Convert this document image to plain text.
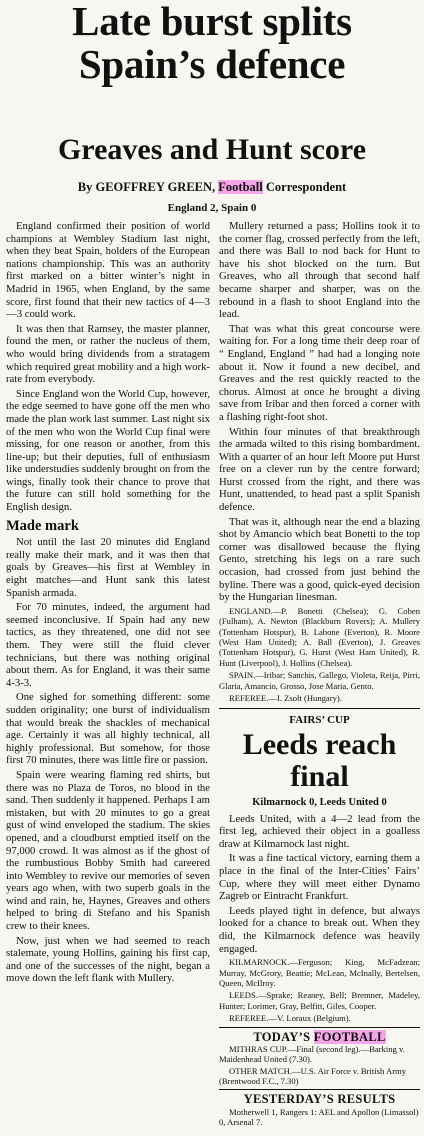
Late burst splits
Spain’s defence
Greaves and Hunt score
By GEOFFREY GREEN, Football Correspondent
England 2, Spain 0

England confirmed their position of world champions at Wembley Stadium last night, when they beat Spain, holders of the European nations championship. This was an authority first marked on a bitter winter’s night in Madrid in 1965, when England, by the same score, first found that their new tactics of 4—3—3 could work.

It was then that Ramsey, the master planner, found the men, or rather the nucleus of them, who would bring dividends from a stratagem which required great mobility and a high work-rate from everybody.

Since England won the World Cup, however, the edge seemed to have gone off the men who made the plan work last summer. Last night six of the men who won the World Cup final were missing, for one reason or another, from this line-up; but their deputies, full of enthusiasm like understudies suddenly brought on from the wings, finally took their chance to prove that the future can still hold something for the English design.

Made mark

Not until the last 20 minutes did England really make their mark, and it was then that goals by Greaves—his first at Wembley in eight matches—and Hunt sank this latest Spanish armada.

For 70 minutes, indeed, the argument had seemed inconclusive. If Spain had any new tactics, as they threatened, one did not see them. They were still the fluid clever technicians, but there was nothing original about them. As for England, it was their same 4-3-3.

One sighed for something different: some sudden originality; one burst of individualism that would break the shackles of mechanical age. Certainly it was all highly technical, all highly professional. But somehow, for those first 70 minutes, there was little fire or passion.

Spain were wearing flaming red shirts, but there was no Plaza de Toros, no blood in the sand. Then suddenly it happened. Perhaps I am mistaken, but with 20 minutes to go a great gust of wind enveloped the stadium. The skies opened, and a cloudburst emptied itself on the 97,000 crowd. It was almost as if the ghost of the rumbustious Bobby Smith had careered into Wembley to revive our memories of seven years ago when, with two superb goals in the wind and rain, he, Haynes, Greaves and others helped to bring di Stefano and his Spanish crew to their knees.

Now, just when we had seemed to reach stalemate, young Hollins, gaining his first cap, and one of the successes of the night, began a move down the left flank with Mullery.

Mullery returned a pass; Hollins took it to the corner flag, crossed perfectly from the left, and there was Ball to nod back for Hunt to have his shot blocked on the turn. But Greaves, who all through that second half became sharper and sharper, was on the rebound in a flash to shoot England into the lead.

That was what this great concourse were waiting for. For a long time their deep roar of “ England, England ” had had a longing note about it. Now it found a new decibel, and Greaves and the rest quickly reacted to the chorus. Almost at once he brought a diving save from Iribar and then forced a corner with a flashing right-foot shot.

Within four minutes of that breakthrough the armada wilted to this rising bombardment. With a quarter of an hour left Moore put Hurst free on a clever run by the centre forward; Hurst crossed from the right, and there was Hunt, unattended, to head past a split Spanish defence.

That was it, although near the end a blazing shot by Amancio which beat Bonetti to the top corner was disallowed because the flying Gento, stretching his legs on a rare such occasion, had crossed from just behind the byline. There was a good, quick-eyed decision by the Hungarian linesman.

ENGLAND.—P. Bonetti (Chelsea); G. Cohen (Fulham), A. Newton (Blackburn Rovers); A. Mullery (Tottenham Hotspur), B. Labone (Everton), R. Moore (West Ham United); A. Ball (Everton), J. Greaves (Tottenham Hotspur), G. Hurst (West Ham United), R. Hunt (Liverpool), J. Hollins (Chelsea).

SPAIN.—Iribar; Sanchis, Gallego, Violeta, Reija, Pirri, Glaria, Amancio, Grosso, Jose Maria, Gento.

REFEREE.—I. Zsolt (Hungary).

FAIRS’ CUP
Leeds reach
final
Kilmarnock 0, Leeds United 0

Leeds United, with a 4—2 lead from the first leg, achieved their object in a goalless draw at Kilmarnock last night.

It was a fine tactical victory, earning them a place in the final of the Inter-Cities’ Fairs’ Cup, where they will meet either Dynamo Zagreb or Eintracht Frankfurt.

Leeds played tight in defence, but always looked for a chance to break out. When they did, the Kilmarnock defence was heavily engaged.

KILMARNOCK.—Ferguson; King, McFadzean; Murray, McGrory, Beattie; McLean, McInally, Bertelsen, Queen, McIlroy.

LEEDS.—Sprake; Reaney, Bell; Bremner, Madeley, Hunter; Lorimer, Gray, Belfitt, Giles, Cooper.

REFEREE.—V. Loraux (Belgium).

TODAY’S FOOTBALL

MITHRAS CUP.—Final (second leg).—Barking v. Maidenhead United (7.30).

OTHER MATCH.—U.S. Air Force v. British Army (Brentwood F.C., 7.30)

YESTERDAY’S RESULTS

Motherwell 1, Rangers 1: AEL and Apollon (Limassol) 0, Arsenal 7.
